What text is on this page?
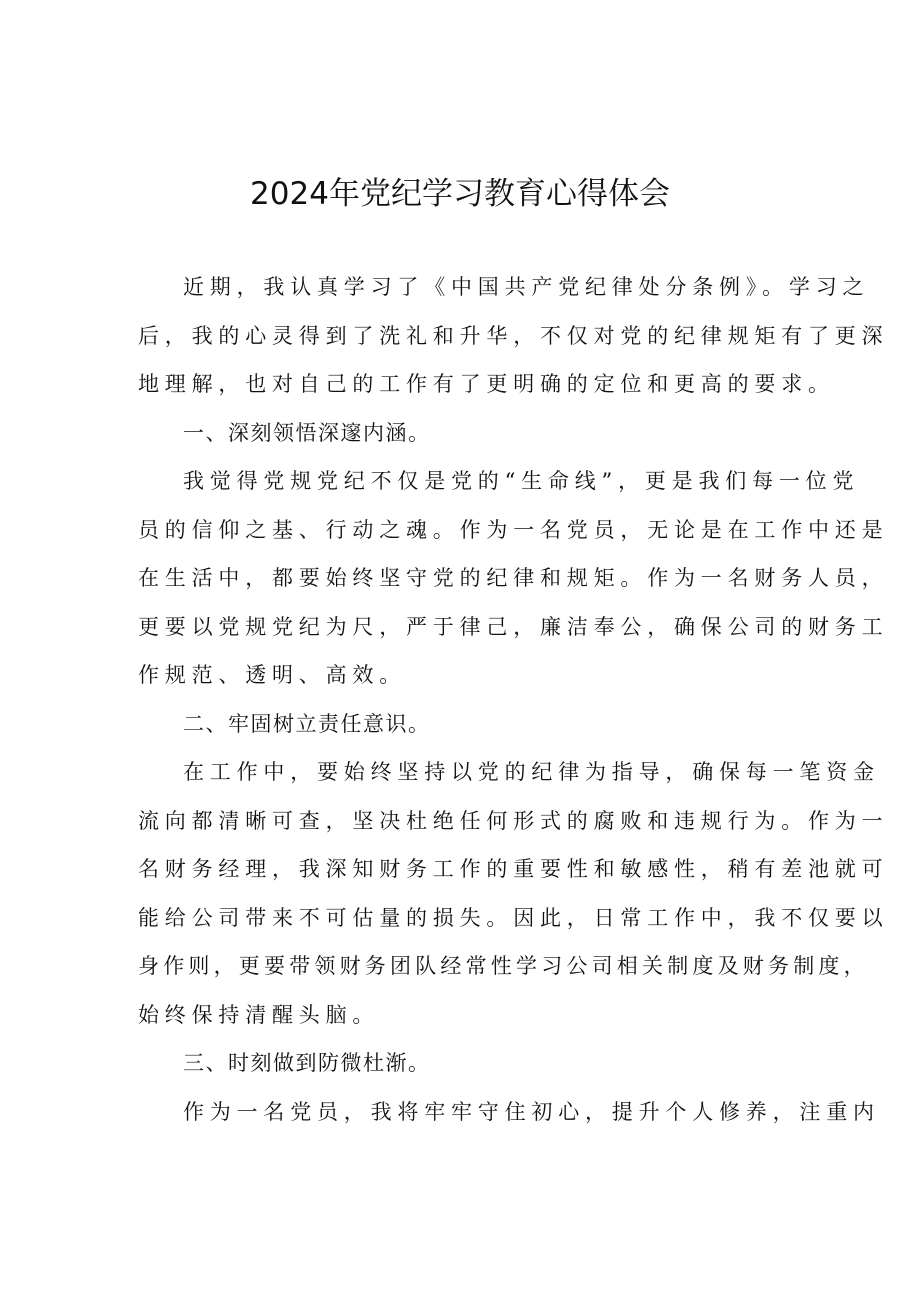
2024年党纪学习教育心得体会
近期，我认真学习了《中国共产党纪律处分条例》。学习之
后，我的心灵得到了洗礼和升华，不仅对党的纪律规矩有了更深
地理解，也对自己的工作有了更明确的定位和更高的要求。
一、深刻领悟深邃内涵。
我觉得党规党纪不仅是党的“生命线”，更是我们每一位党
员的信仰之基、行动之魂。作为一名党员，无论是在工作中还是
在生活中，都要始终坚守党的纪律和规矩。作为一名财务人员，
更要以党规党纪为尺，严于律己，廉洁奉公，确保公司的财务工
作规范、透明、高效。
二、牢固树立责任意识。
在工作中，要始终坚持以党的纪律为指导，确保每一笔资金
流向都清晰可查，坚决杜绝任何形式的腐败和违规行为。作为一
名财务经理，我深知财务工作的重要性和敏感性，稍有差池就可
能给公司带来不可估量的损失。因此，日常工作中，我不仅要以
身作则，更要带领财务团队经常性学习公司相关制度及财务制度，
始终保持清醒头脑。
三、时刻做到防微杜渐。
作为一名党员，我将牢牢守住初心，提升个人修养，注重内
